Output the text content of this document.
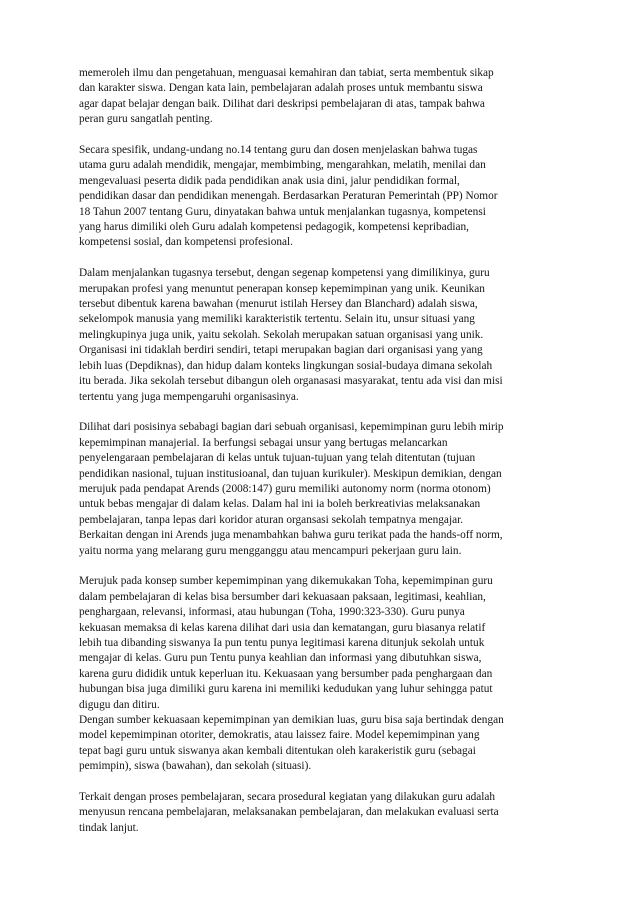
memeroleh ilmu dan pengetahuan, menguasai kemahiran dan tabiat, serta membentuk sikap
dan karakter siswa. Dengan kata lain, pembelajaran adalah proses untuk membantu siswa
agar dapat belajar dengan baik. Dilihat dari deskripsi pembelajaran di atas, tampak bahwa
peran guru sangatlah penting.

Secara spesifik, undang-undang no.14 tentang guru dan dosen menjelaskan bahwa tugas
utama guru adalah mendidik, mengajar, membimbing, mengarahkan, melatih, menilai dan
mengevaluasi peserta didik pada pendidikan anak usia dini, jalur pendidikan formal,
pendidikan dasar dan pendidikan menengah. Berdasarkan Peraturan Pemerintah (PP) Nomor
18 Tahun 2007 tentang Guru, dinyatakan bahwa untuk menjalankan tugasnya, kompetensi
yang harus dimiliki oleh Guru adalah kompetensi pedagogik, kompetensi kepribadian,
kompetensi sosial, dan kompetensi profesional.

Dalam menjalankan tugasnya tersebut, dengan segenap kompetensi yang dimilikinya, guru
merupakan profesi yang menuntut penerapan konsep kepemimpinan yang unik. Keunikan
tersebut dibentuk karena bawahan (menurut istilah Hersey dan Blanchard) adalah siswa,
sekelompok manusia yang memiliki karakteristik tertentu. Selain itu, unsur situasi yang
melingkupinya juga unik, yaitu sekolah. Sekolah merupakan satuan organisasi yang unik.
Organisasi ini tidaklah berdiri sendiri, tetapi merupakan bagian dari organisasi yang yang
lebih luas (Depdiknas), dan hidup dalam konteks lingkungan sosial-budaya dimana sekolah
itu berada. Jika sekolah tersebut dibangun oleh organasasi masyarakat, tentu ada visi dan misi
tertentu yang juga mempengaruhi organisasinya.

Dilihat dari posisinya sebabagi bagian dari sebuah organisasi, kepemimpinan guru lebih mirip
kepemimpinan manajerial. Ia berfungsi sebagai unsur yang bertugas melancarkan
penyelengaraan pembelajaran di kelas untuk tujuan-tujuan yang telah ditentutan (tujuan
pendidikan nasional, tujuan institusioanal, dan tujuan kurikuler). Meskipun demikian, dengan
merujuk pada pendapat Arends (2008:147) guru memiliki autonomy norm (norma otonom)
untuk bebas mengajar di dalam kelas. Dalam hal ini ia boleh berkreativias melaksanakan
pembelajaran, tanpa lepas dari koridor aturan organsasi sekolah tempatnya mengajar.
Berkaitan dengan ini Arends juga menambahkan bahwa guru terikat pada the hands-off norm,
yaitu norma yang melarang guru mengganggu atau mencampuri pekerjaan guru lain.

Merujuk pada konsep sumber kepemimpinan yang dikemukakan Toha, kepemimpinan guru
dalam pembelajaran di kelas bisa bersumber dari kekuasaan paksaan, legitimasi, keahlian,
penghargaan, relevansi, informasi, atau hubungan (Toha, 1990:323-330). Guru punya
kekuasan memaksa di kelas karena dilihat dari usia dan kematangan, guru biasanya relatif
lebih tua dibanding siswanya Ia pun tentu punya legitimasi karena ditunjuk sekolah untuk
mengajar di kelas. Guru pun Tentu punya keahlian dan informasi yang dibutuhkan siswa,
karena guru dididik untuk keperluan itu. Kekuasaan yang bersumber pada penghargaan dan
hubungan bisa juga dimiliki guru karena ini memiliki kedudukan yang luhur sehingga patut
digugu dan ditiru.

Dengan sumber kekuasaan kepemimpinan yan demikian luas, guru bisa saja bertindak dengan
model kepemimpinan otoriter, demokratis, atau laissez faire. Model kepemimpinan yang
tepat bagi guru untuk siswanya akan kembali ditentukan oleh karakeristik guru (sebagai
pemimpin), siswa (bawahan), dan sekolah (situasi).

Terkait dengan proses pembelajaran, secara prosedural kegiatan yang dilakukan guru adalah
menyusun rencana pembelajaran, melaksanakan pembelajaran, dan melakukan evaluasi serta
tindak lanjut.
